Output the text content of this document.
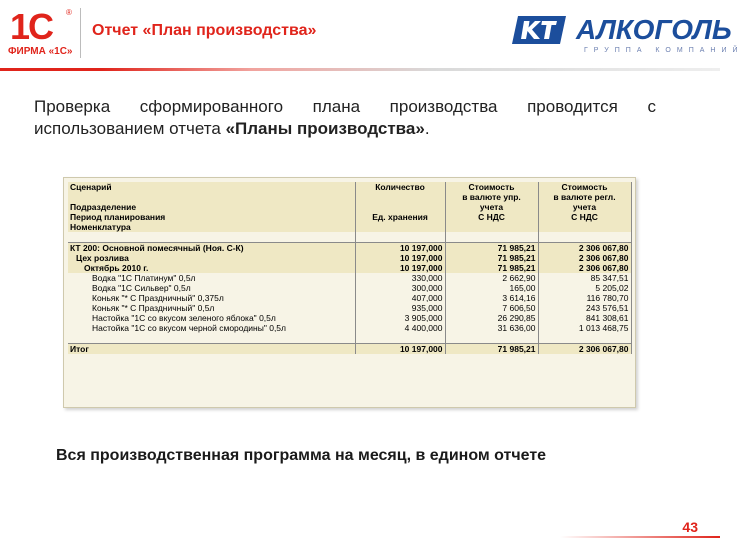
1С ®
ФИРМА «1С»
Отчет «План производства»	АЛКОГОЛЬ
ГРУППА КОМПАНИЙ
Проверка сформированного плана производства проводится с
использованием отчета «Планы производства».
Сценарий	Количество	Стоимость	Стоимость
		в валюте упр.	в валюте регл.
Подразделение		учета	учета
Период планирования	Ед. хранения	С НДС	С НДС
Номенклатура			

КТ 200: Основной помесячный (Ноя. С-К)	10 197,000	71 985,21	2 306 067,80
Цех розлива	10 197,000	71 985,21	2 306 067,80
Октябрь 2010 г.	10 197,000	71 985,21	2 306 067,80
Водка "1С Платинум" 0,5л	330,000	2 662,90	85 347,51
Водка "1С Сильвер" 0,5л	300,000	165,00	5 205,02
Коньяк "* С Праздничный" 0,375л	407,000	3 614,16	116 780,70
Коньяк "* С Праздничный" 0,5л	935,000	7 606,50	243 576,51
Настойка "1С со вкусом зеленого яблока" 0,5л	3 905,000	26 290,85	841 308,61
Настойка "1С со вкусом черной смородины" 0,5л	4 400,000	31 636,00	1 013 468,75

Итог	10 197,000	71 985,21	2 306 067,80
Вся производственная программа на месяц, в едином отчете
43
